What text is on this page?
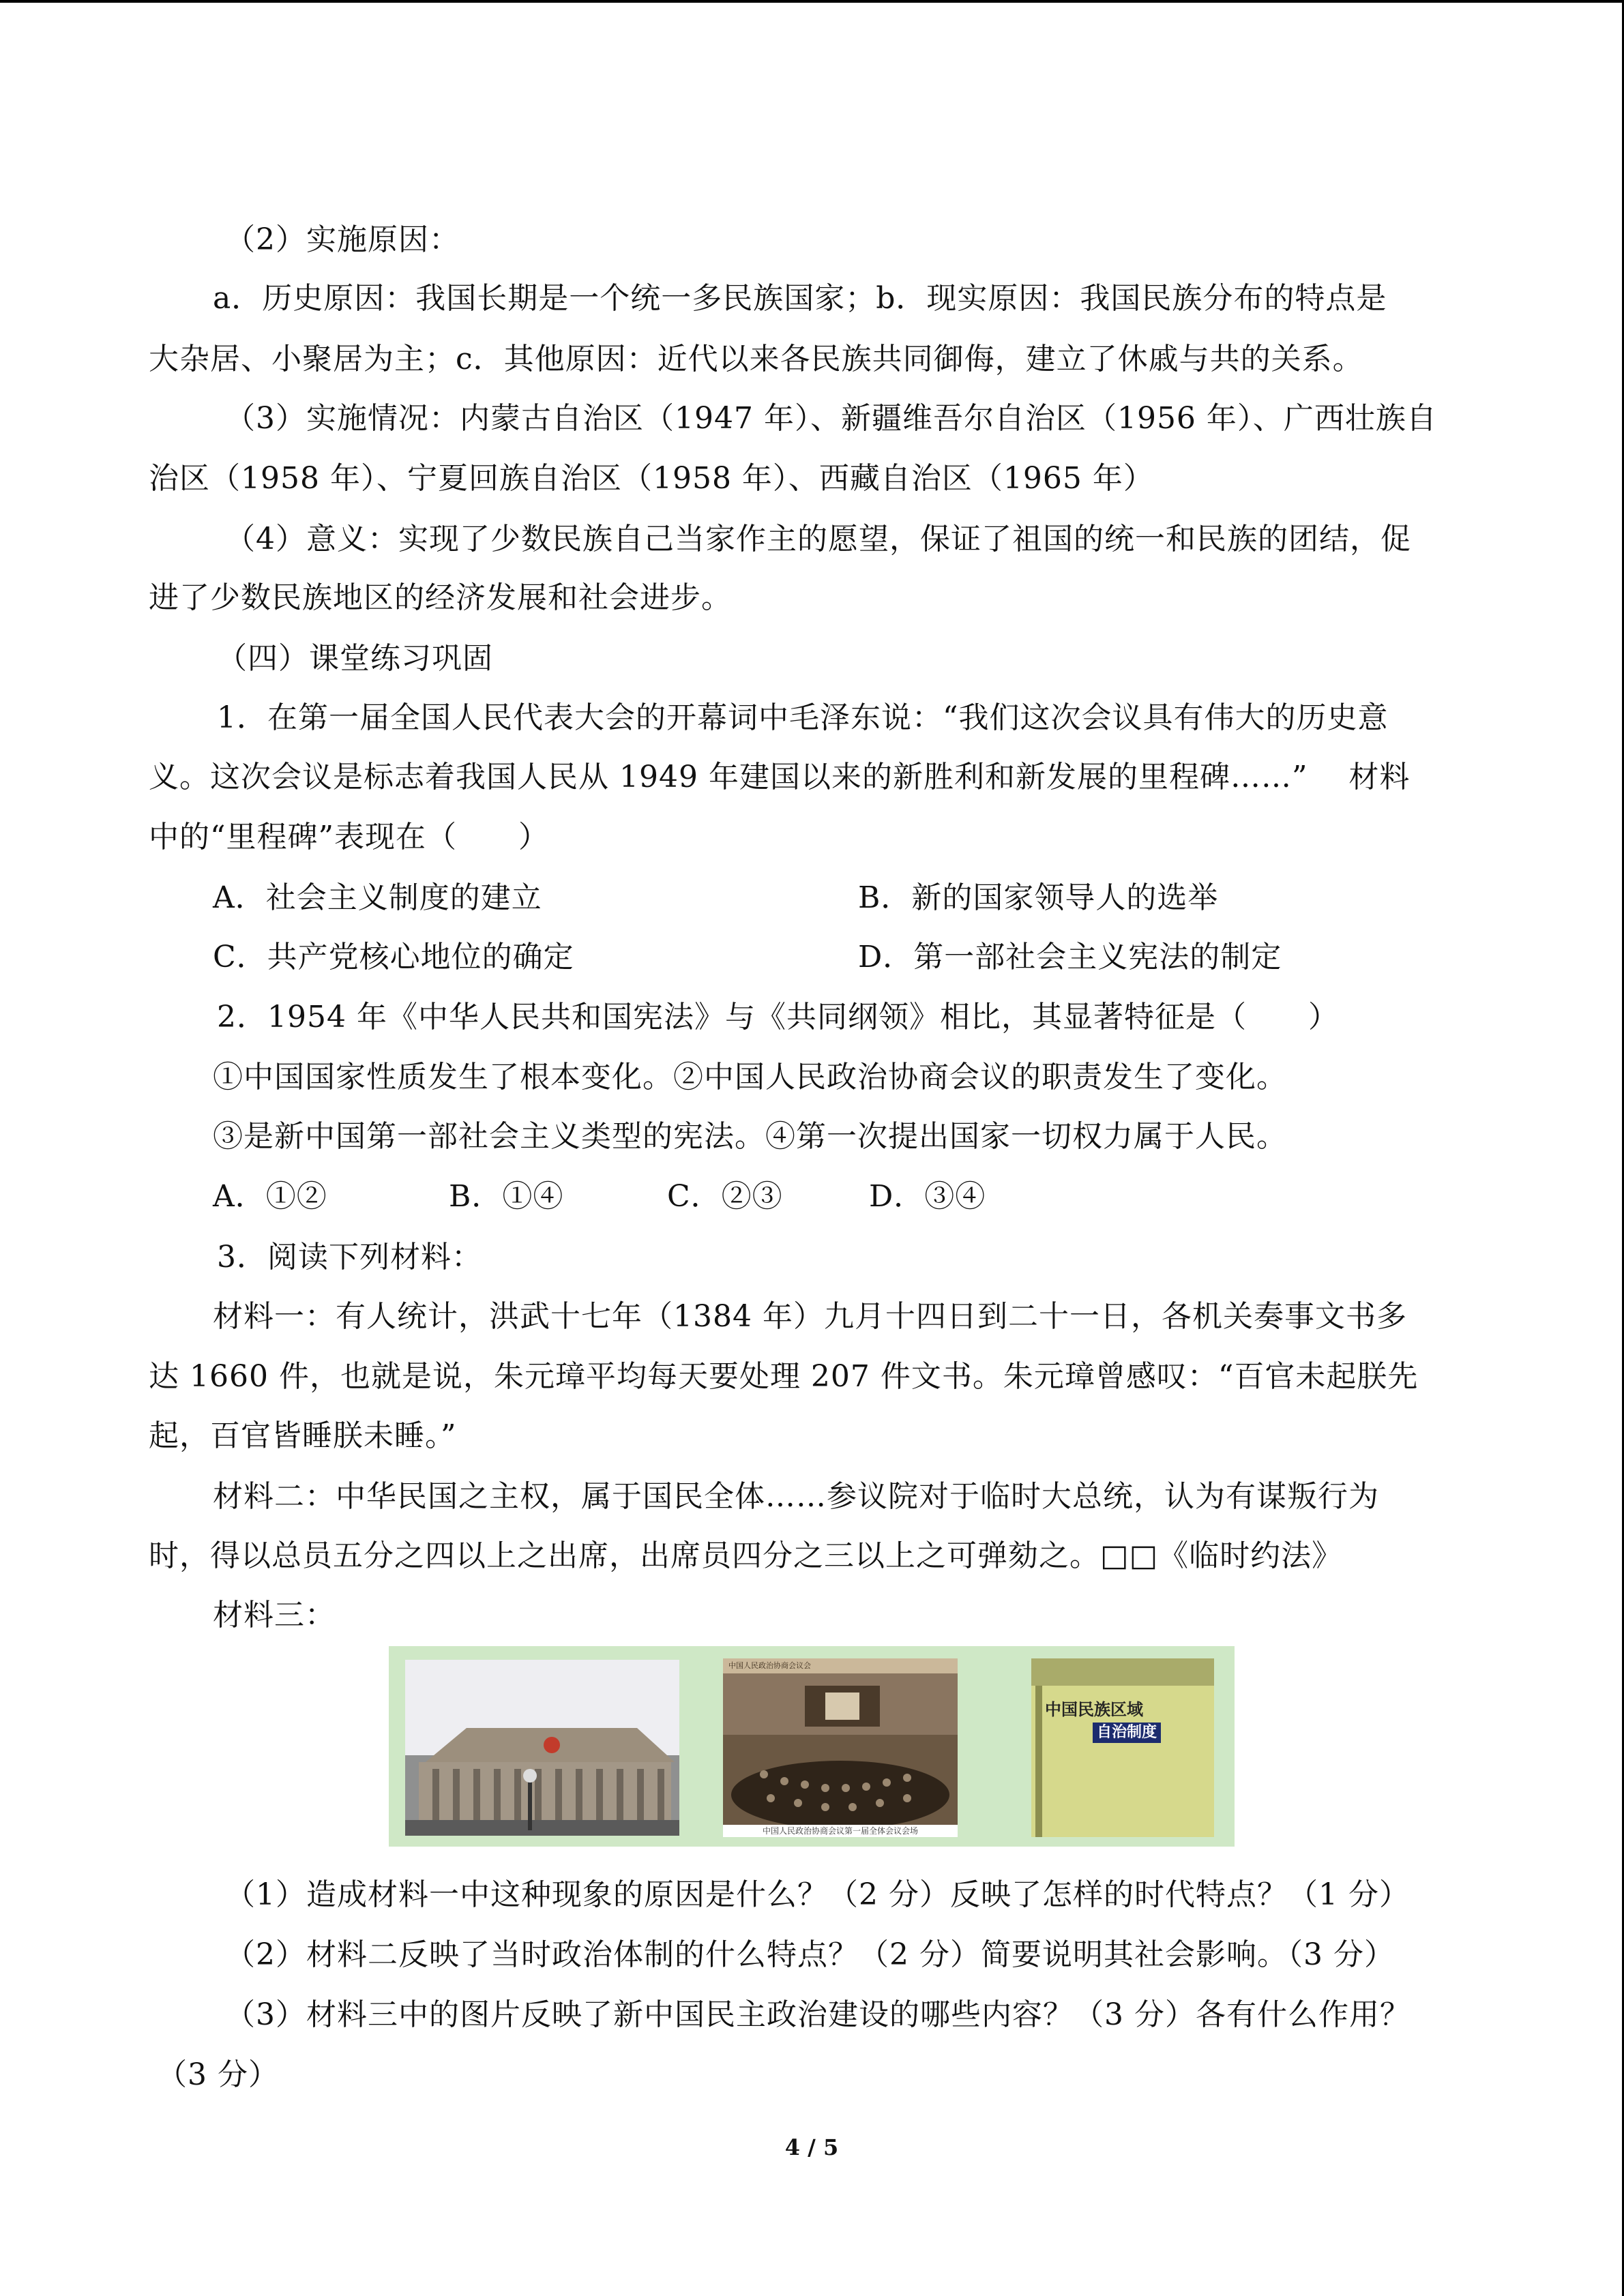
（2）实施原因：
a．历史原因：我国长期是一个统一多民族国家；b．现实原因：我国民族分布的特点是
大杂居、小聚居为主；c．其他原因：近代以来各民族共同御侮，建立了休戚与共的关系。
（3）实施情况：内蒙古自治区（1947 年）、新疆维吾尔自治区（1956 年）、广西壮族自
治区（1958 年）、宁夏回族自治区（1958 年）、西藏自治区（1965 年）
（4）意义：实现了少数民族自己当家作主的愿望，保证了祖国的统一和民族的团结，促
进了少数民族地区的经济发展和社会进步。
（四）课堂练习巩固
1．在第一届全国人民代表大会的开幕词中毛泽东说：“我们这次会议具有伟大的历史意
义。这次会议是标志着我国人民从 1949 年建国以来的新胜利和新发展的里程碑……”　 材料
中的“里程碑”表现在（　　）
A．社会主义制度的建立	B．新的国家领导人的选举
C．共产党核心地位的确定	D．第一部社会主义宪法的制定
2．1954 年《中华人民共和国宪法》与《共同纲领》相比，其显著特征是（　　）
①中国国家性质发生了根本变化。②中国人民政治协商会议的职责发生了变化。
③是新中国第一部社会主义类型的宪法。④第一次提出国家一切权力属于人民。
A．①②	B．①④	C．②③	D．③④
3．阅读下列材料：
材料一：有人统计，洪武十七年（1384 年）九月十四日到二十一日，各机关奏事文书多
达 1660 件，也就是说，朱元璋平均每天要处理 207 件文书。朱元璋曾感叹：“百官未起朕先
起，百官皆睡朕未睡。”
材料二：中华民国之主权，属于国民全体……参议院对于临时大总统，认为有谋叛行为
时，得以总员五分之四以上之出席，出席员四分之三以上之可弹劾之。□□《临时约法》
材料三：
中国人民政治协商会议会
中国人民政治协商会议第一届全体会议会场
中国民族区域
自治制度
（1）造成材料一中这种现象的原因是什么？（2 分）反映了怎样的时代特点？（1 分）
（2）材料二反映了当时政治体制的什么特点？（2 分）简要说明其社会影响。（3 分）
（3）材料三中的图片反映了新中国民主政治建设的哪些内容？（3 分）各有什么作用？
（3 分）
4 / 5
